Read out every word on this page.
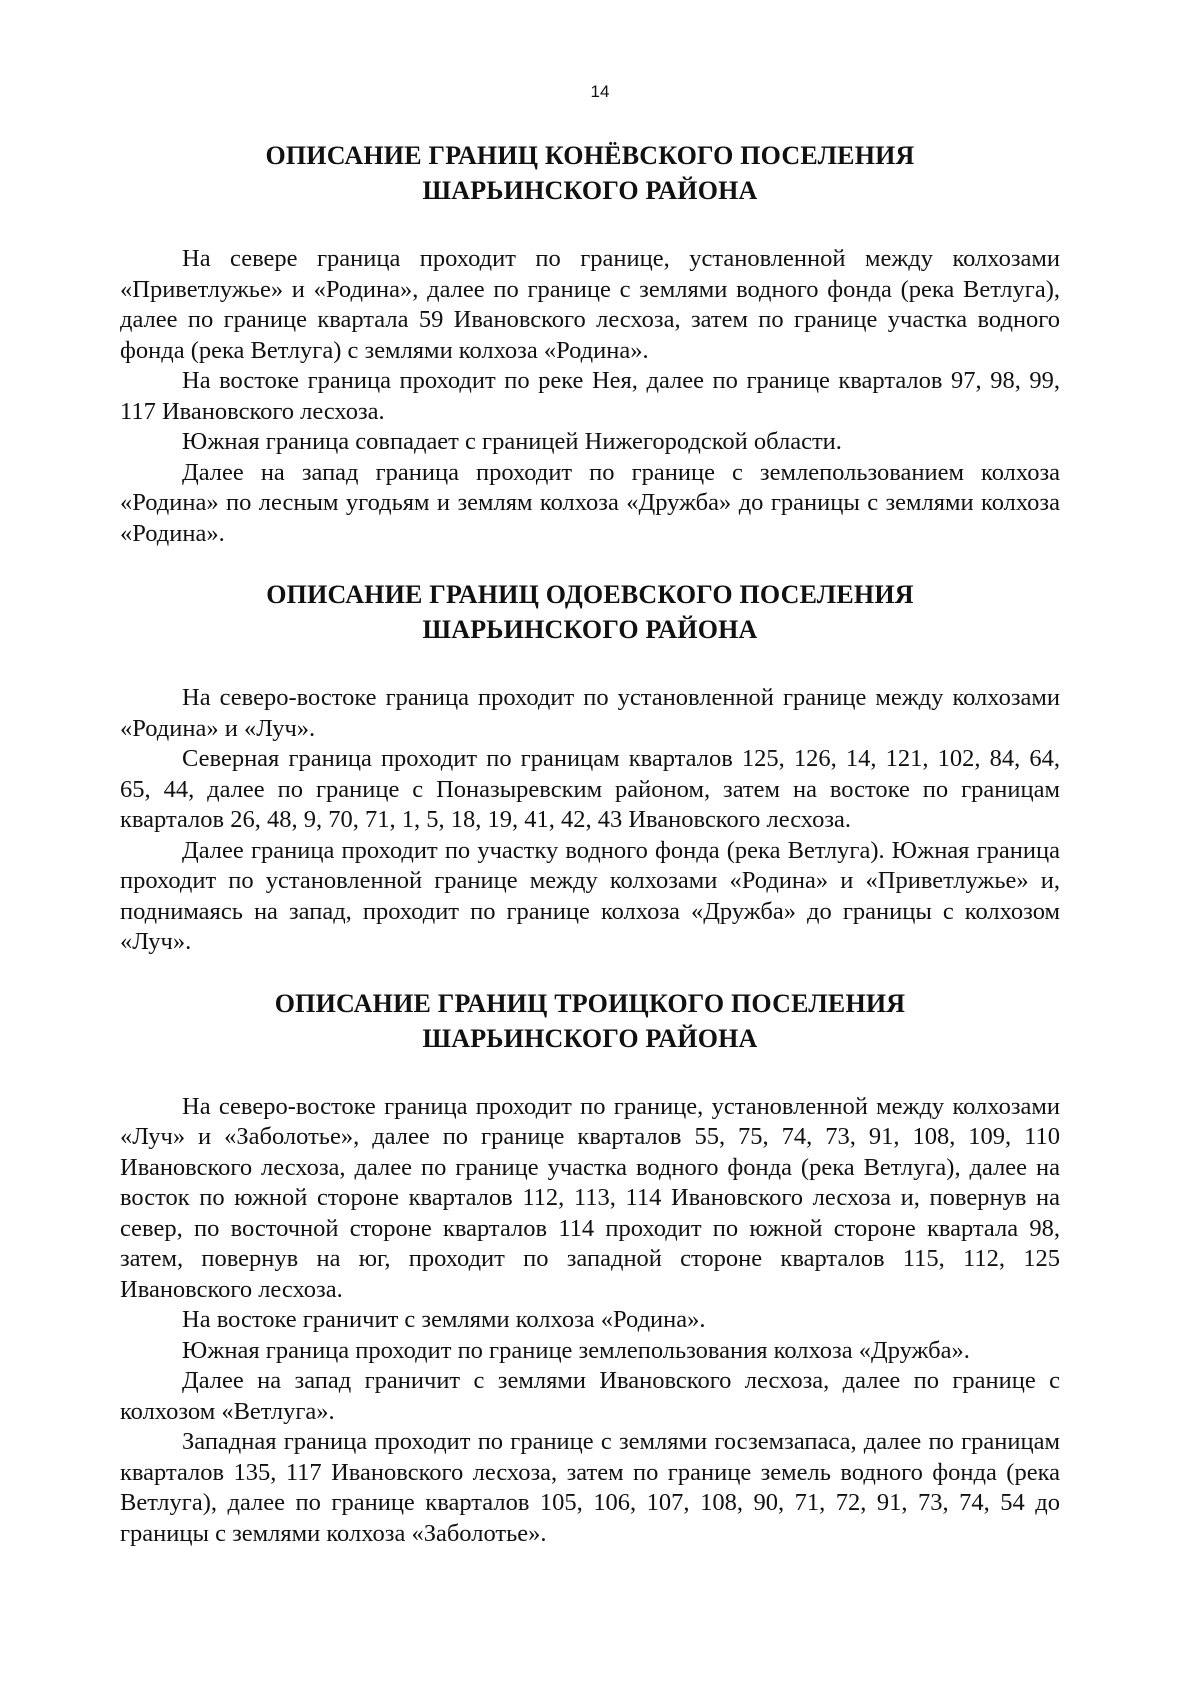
14
ОПИСАНИЕ ГРАНИЦ КОНЁВСКОГО ПОСЕЛЕНИЯ
ШАРЬИНСКОГО РАЙОНА

На севере граница проходит по границе, установленной между колхозами «Приветлужье» и «Родина», далее по границе с землями водного фонда (река Ветлуга), далее по границе квартала 59 Ивановского лесхоза, затем по границе участка водного фонда (река Ветлуга) с землями колхоза «Родина».

На востоке граница проходит по реке Нея, далее по границе кварталов 97, 98, 99, 117 Ивановского лесхоза.

Южная граница совпадает с границей Нижегородской области.

Далее на запад граница проходит по границе с землепользованием колхоза «Родина» по лесным угодьям и землям колхоза «Дружба» до границы с землями колхоза «Родина».

ОПИСАНИЕ ГРАНИЦ ОДОЕВСКОГО ПОСЕЛЕНИЯ
ШАРЬИНСКОГО РАЙОНА

На северо-востоке граница проходит по установленной границе между колхозами «Родина» и «Луч».

Северная граница проходит по границам кварталов 125, 126, 14, 121, 102, 84, 64, 65, 44, далее по границе с Поназыревским районом, затем на востоке по границам кварталов 26, 48, 9, 70, 71, 1, 5, 18, 19, 41, 42, 43 Ивановского лесхоза.

Далее граница проходит по участку водного фонда (река Ветлуга). Южная граница проходит по установленной границе между колхозами «Родина» и «Приветлужье» и, поднимаясь на запад, проходит по границе колхоза «Дружба» до границы с колхозом «Луч».

ОПИСАНИЕ ГРАНИЦ ТРОИЦКОГО ПОСЕЛЕНИЯ
ШАРЬИНСКОГО РАЙОНА

На северо-востоке граница проходит по границе, установленной между колхозами «Луч» и «Заболотье», далее по границе кварталов 55, 75, 74, 73, 91, 108, 109, 110 Ивановского лесхоза, далее по границе участка водного фонда (река Ветлуга), далее на восток по южной стороне кварталов 112, 113, 114 Ивановского лесхоза и, повернув на север, по восточной стороне кварталов 114 проходит по южной стороне квартала 98, затем, повернув на юг, проходит по западной стороне кварталов 115, 112, 125 Ивановского лесхоза.

На востоке граничит с землями колхоза «Родина».

Южная граница проходит по границе землепользования колхоза «Дружба».

Далее на запад граничит с землями Ивановского лесхоза, далее по границе с колхозом «Ветлуга».

Западная граница проходит по границе с землями госземзапаса, далее по границам кварталов 135, 117 Ивановского лесхоза, затем по границе земель водного фонда (река Ветлуга), далее по границе кварталов 105, 106, 107, 108, 90, 71, 72, 91, 73, 74, 54 до границы с землями колхоза «Заболотье».
